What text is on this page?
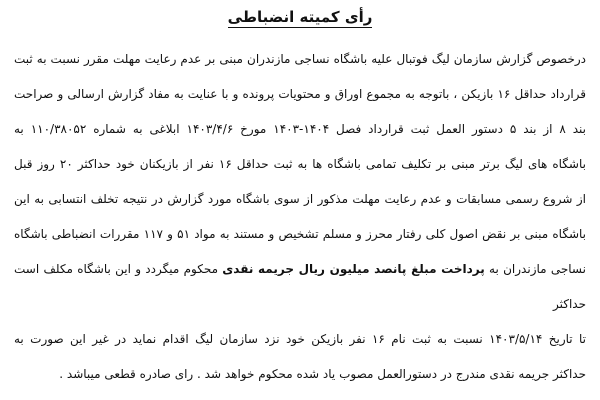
رأی کمیته انضباطی
درخصوص گزارش سازمان لیگ فوتبال علیه باشگاه نساجی مازندران مبنی بر عدم رعایت مهلت مقرر نسبت به ثبت
قرارداد حداقل ۱۶ بازیکن ، باتوجه به مجموع اوراق و محتویات پرونده و با عنایت به مفاد گزارش ارسالی و صراحت
بند ۸ از بند ۵ دستور العمل ثبت قرارداد فصل ۱۴۰۴-۱۴۰۳ مورخ ۱۴۰۳/۴/۶ ابلاغی به شماره ۱۱۰/۳۸۰۵۲ به
باشگاه های لیگ برتر مبنی بر تکلیف تمامی باشگاه ها به ثبت حداقل ۱۶ نفر از بازیکنان خود حداکثر ۲۰ روز قبل
از شروع رسمی مسابقات و عدم رعایت مهلت مذکور از سوی باشگاه مورد گزارش در نتیجه تخلف انتسابی به این
باشگاه مبنی بر نقض اصول کلی رفتار محرز و مسلم تشخیص و مستند به مواد ۵۱ و ۱۱۷ مقررات انضباطی باشگاه
نساجی مازندران به پرداخت مبلغ پانصد میلیون ریال جریمه نقدی محکوم میگردد و این باشگاه مکلف است حداکثر
تا تاریخ ۱۴۰۳/۵/۱۴ نسبت به ثبت نام ۱۶ نفر بازیکن خود نزد سازمان لیگ اقدام نماید در غیر این صورت به
حداکثر جریمه نقدی مندرج در دستورالعمل مصوب یاد شده محکوم خواهد شد . رای صادره قطعی میباشد .
